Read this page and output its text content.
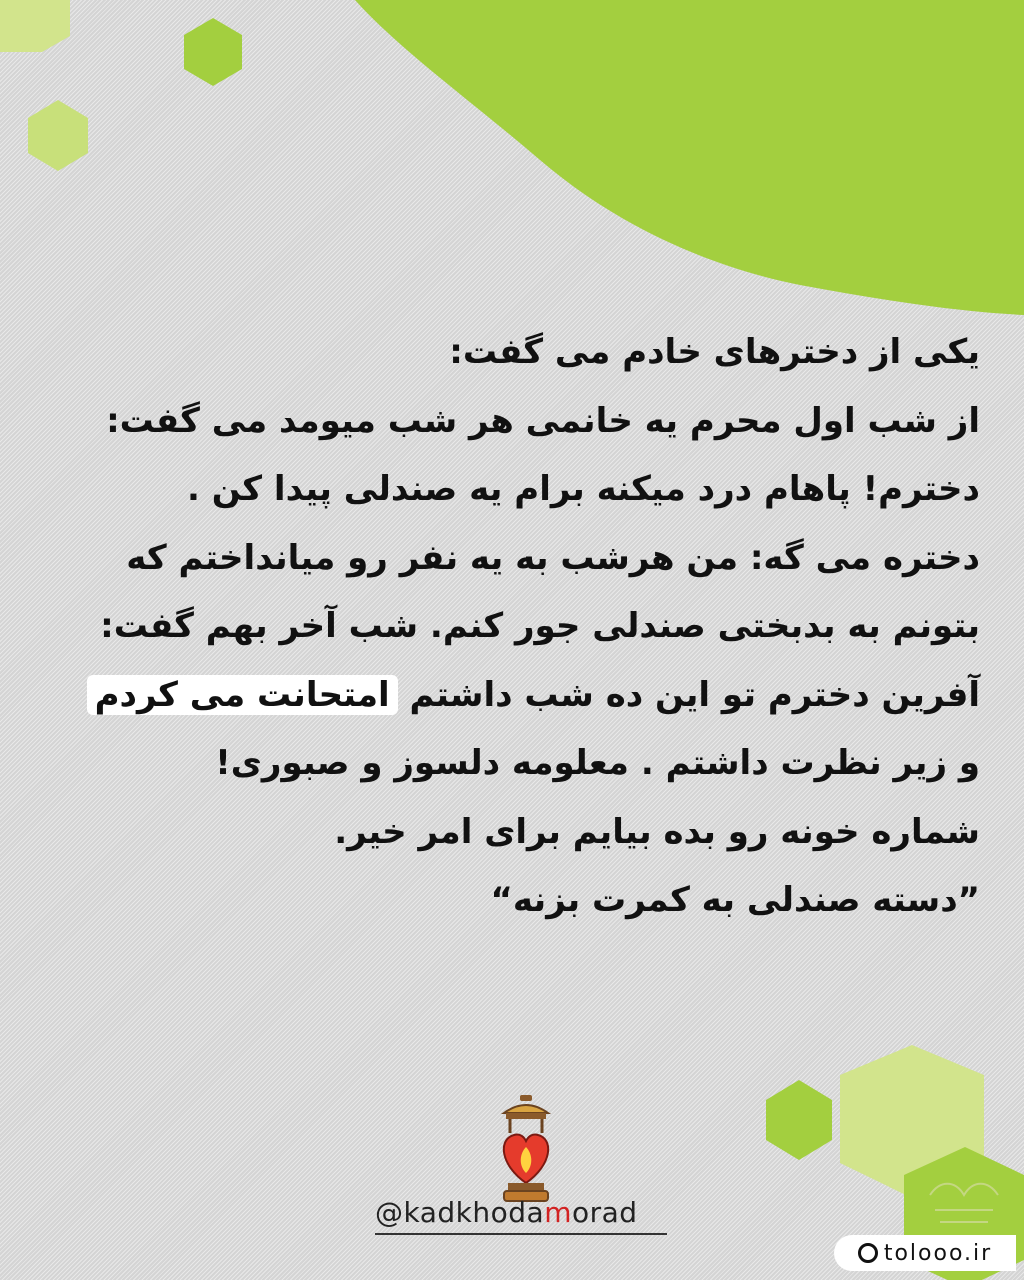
یکی از دخترهای خادم می گفت:
از شب اول محرم یه خانمی هر شب میومد می گفت:
دخترم! پاهام درد میکنه برام یه صندلی پیدا کن .
دختره می گه: من هرشب به یه نفر رو میانداختم که
بتونم به بدبختی صندلی جور کنم. شب آخر بهم گفت:
آفرین دخترم تو این ده شب داشتم امتحانت می کردم
و زیر نظرت داشتم . معلومه دلسوز و صبوری!
شماره خونه رو بده بیایم برای امر خیر.
”دسته صندلی به کمرت بزنه“
@kadkhodamorad
tolooo.ir
